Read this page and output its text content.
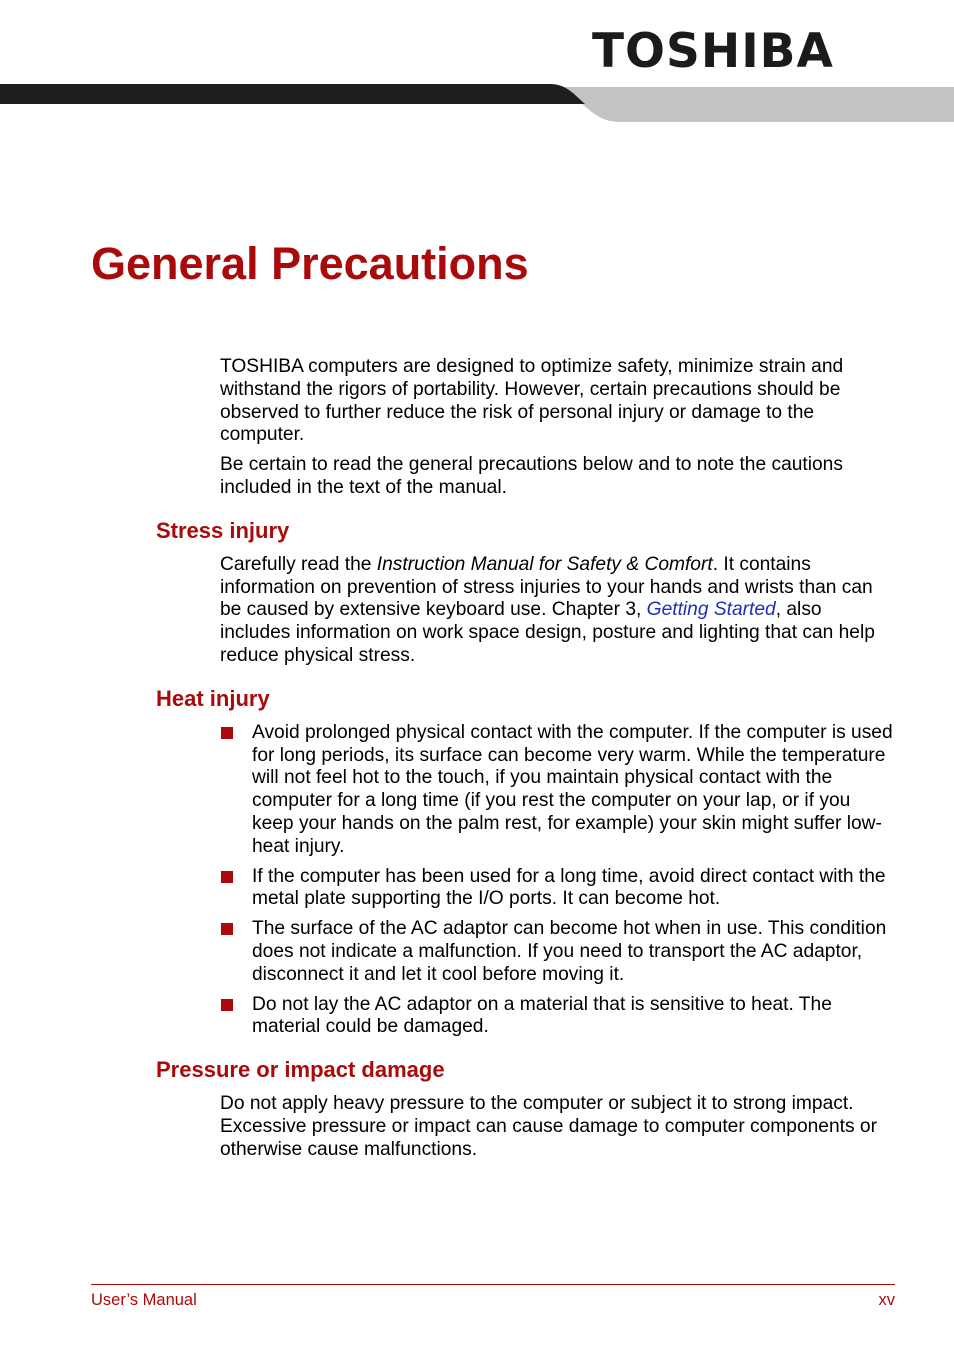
TOSHIBA
General Precautions

TOSHIBA computers are designed to optimize safety, minimize strain and withstand the rigors of portability. However, certain precautions should be observed to further reduce the risk of personal injury or damage to the computer.

Be certain to read the general precautions below and to note the cautions included in the text of the manual.

Stress injury

Carefully read the Instruction Manual for Safety & Comfort. It contains information on prevention of stress injuries to your hands and wrists than can be caused by extensive keyboard use. Chapter 3, Getting Started, also includes information on work space design, posture and lighting that can help reduce physical stress.

Heat injury
Avoid prolonged physical contact with the computer. If the computer is used for long periods, its surface can become very warm. While the temperature will not feel hot to the touch, if you maintain physical contact with the computer for a long time (if you rest the computer on your lap, or if you keep your hands on the palm rest, for example) your skin might suffer low-heat injury.
If the computer has been used for a long time, avoid direct contact with the metal plate supporting the I/O ports. It can become hot.
The surface of the AC adaptor can become hot when in use. This condition does not indicate a malfunction. If you need to transport the AC adaptor, disconnect it and let it cool before moving it.
Do not lay the AC adaptor on a material that is sensitive to heat. The material could be damaged.
Pressure or impact damage

Do not apply heavy pressure to the computer or subject it to strong impact. Excessive pressure or impact can cause damage to computer components or otherwise cause malfunctions.

User’s Manual	xv
